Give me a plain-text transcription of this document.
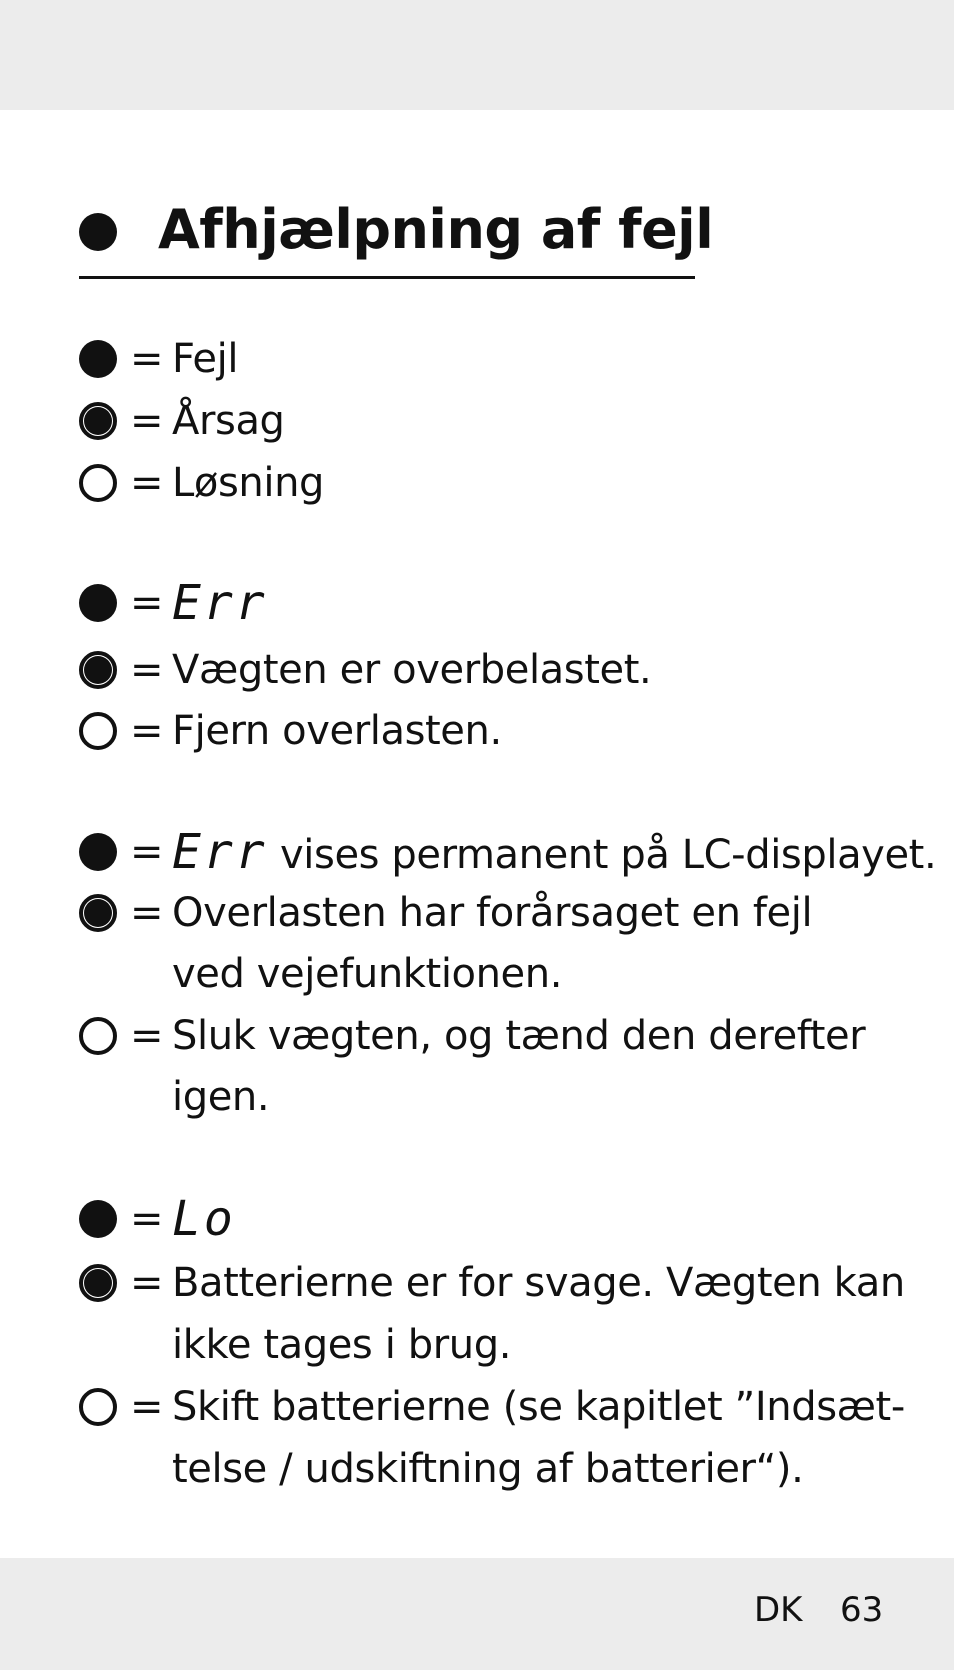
Afhjælpning af fejl
= Fejl
= Årsag
= Løsning
= Err
= Vægten er overbelastet.
= Fjern overlasten.
= Err vises permanent på LC-displayet.
= Overlasten har forårsaget en fejl
ved vejefunktionen.
= Sluk vægten, og tænd den derefter
igen.
= Lo
= Batterierne er for svage. Vægten kan
ikke tages i brug.
= Skift batterierne (se kapitlet ”Indsæt-
telse / udskiftning af batterier“).
DK 63
